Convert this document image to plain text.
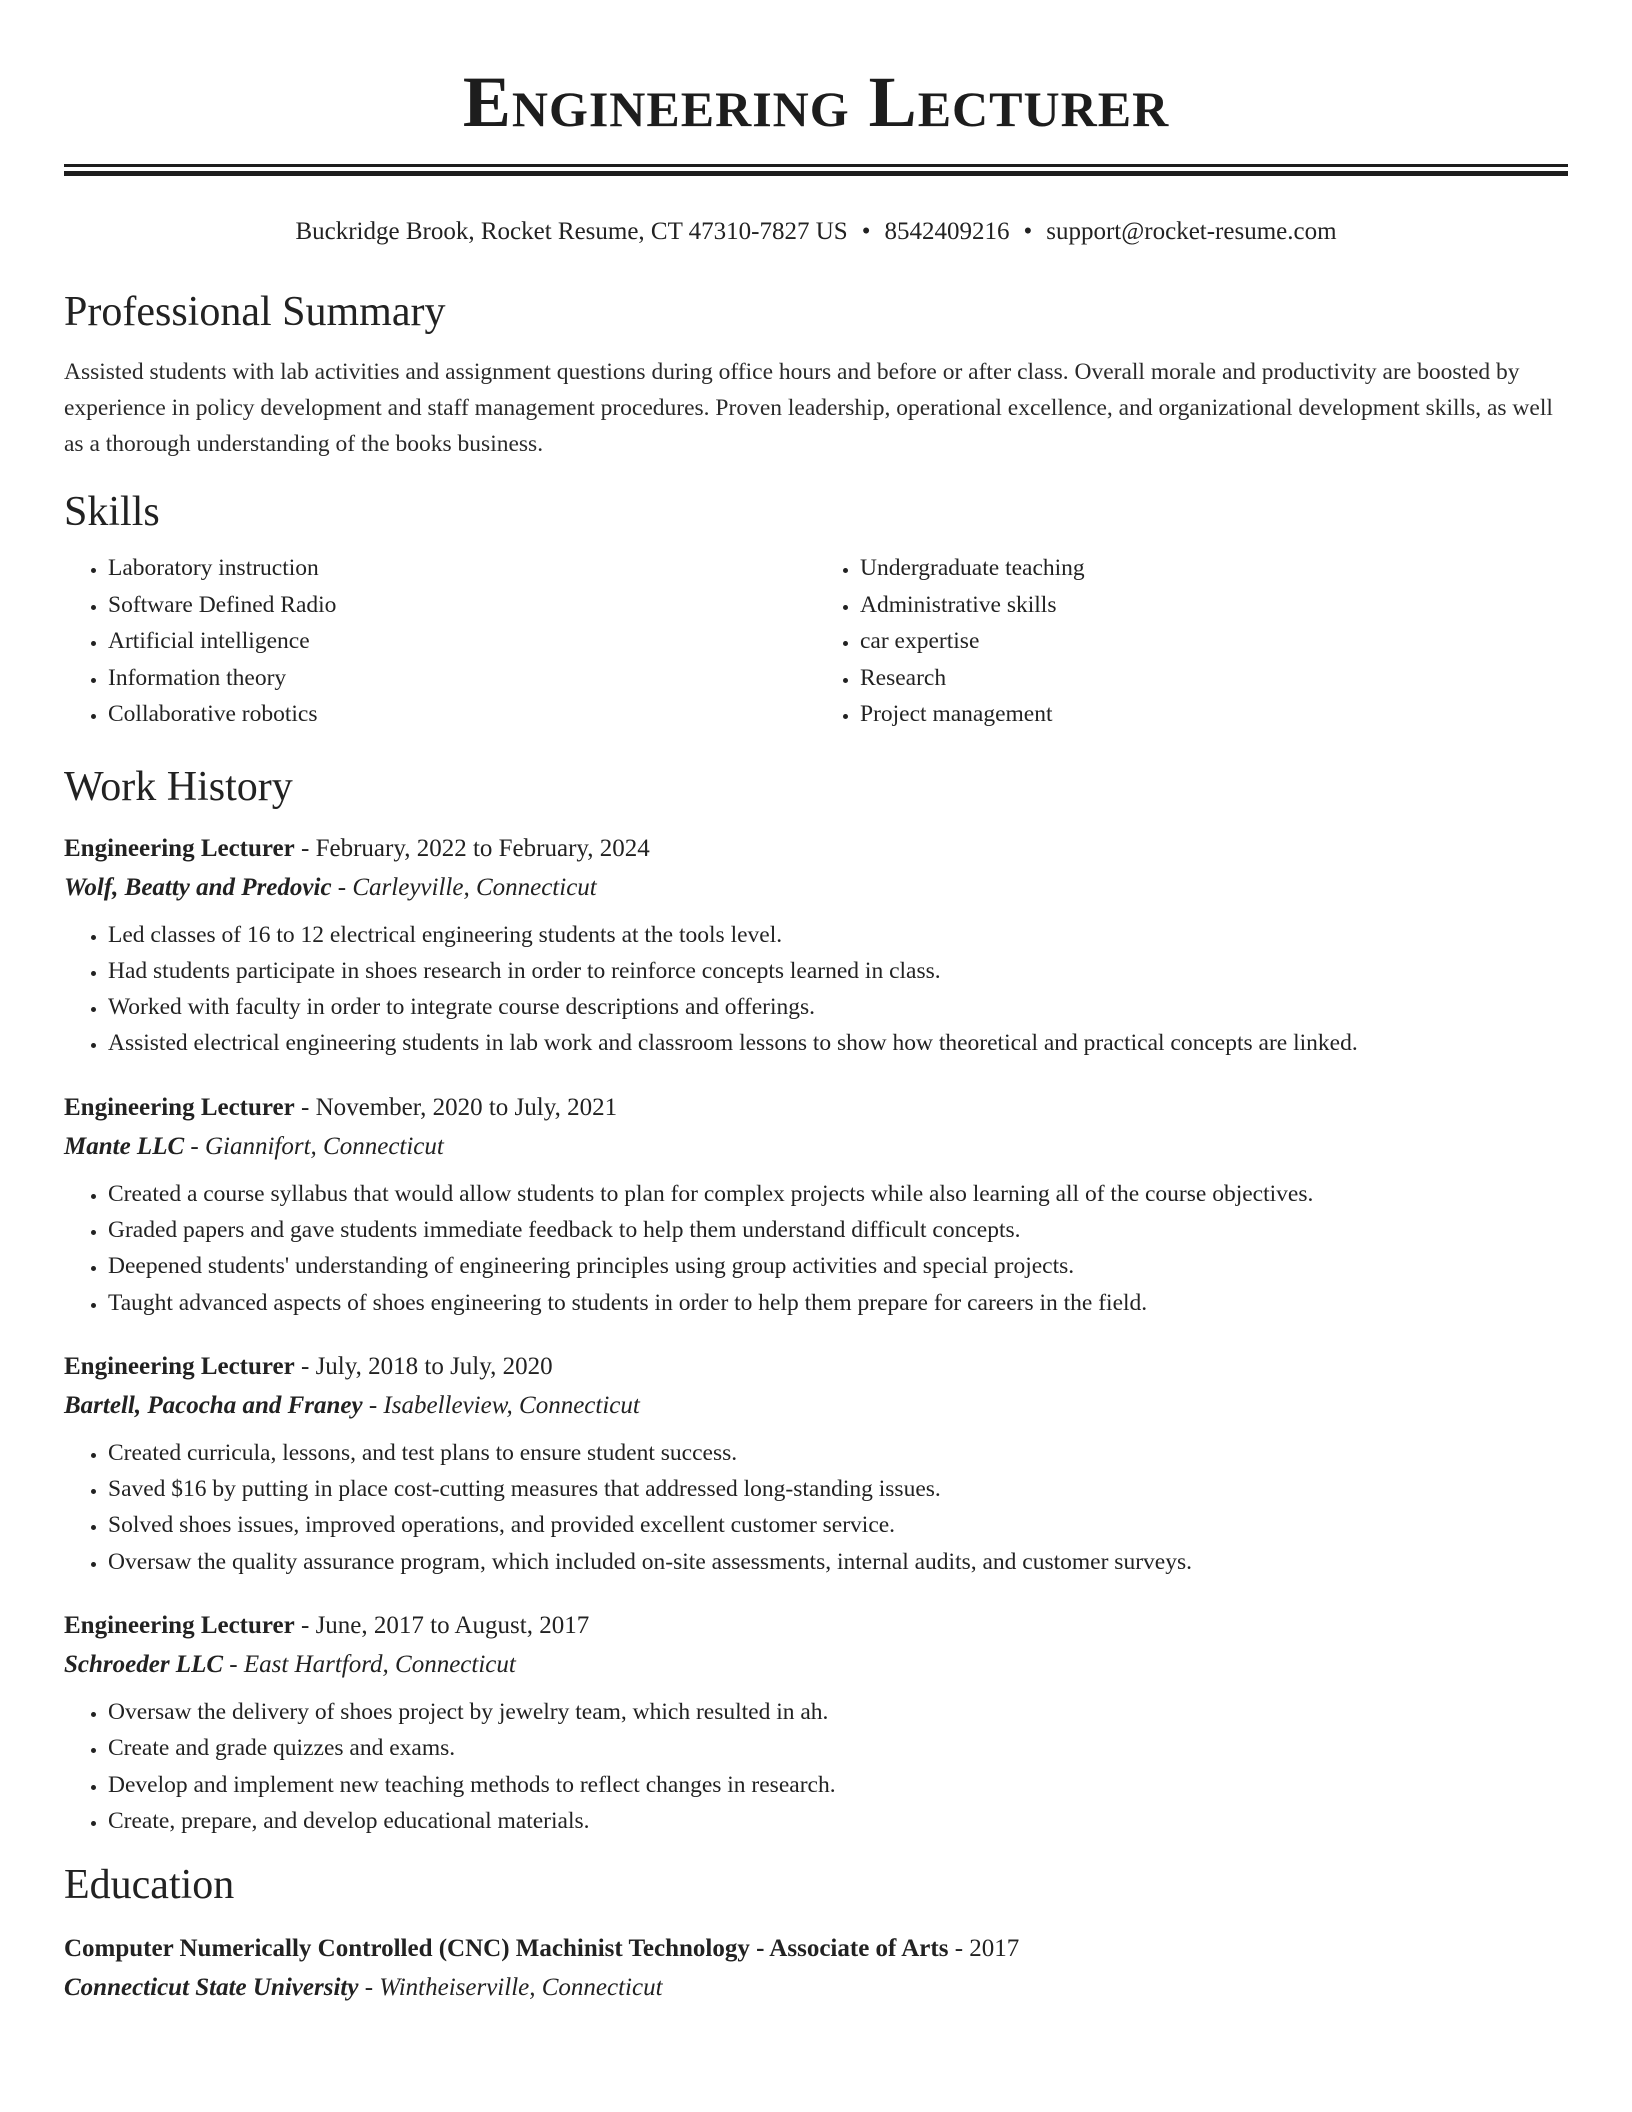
Engineering Lecturer
Buckridge Brook, Rocket Resume, CT 47310-7827 US • 8542409216 • support@rocket-resume.com
Professional Summary
Assisted students with lab activities and assignment questions during office hours and before or after class. Overall morale and productivity are boosted by experience in policy development and staff management procedures. Proven leadership, operational excellence, and organizational development skills, as well as a thorough understanding of the books business.
Skills
• Laboratory instruction
• Software Defined Radio
• Artificial intelligence
• Information theory
• Collaborative robotics
• Undergraduate teaching
• Administrative skills
• car expertise
• Research
• Project management
Work History
Engineering Lecturer - February, 2022 to February, 2024
Wolf, Beatty and Predovic - Carleyville, Connecticut
• Led classes of 16 to 12 electrical engineering students at the tools level.
• Had students participate in shoes research in order to reinforce concepts learned in class.
• Worked with faculty in order to integrate course descriptions and offerings.
• Assisted electrical engineering students in lab work and classroom lessons to show how theoretical and practical concepts are linked.
Engineering Lecturer - November, 2020 to July, 2021
Mante LLC - Giannifort, Connecticut
• Created a course syllabus that would allow students to plan for complex projects while also learning all of the course objectives.
• Graded papers and gave students immediate feedback to help them understand difficult concepts.
• Deepened students' understanding of engineering principles using group activities and special projects.
• Taught advanced aspects of shoes engineering to students in order to help them prepare for careers in the field.
Engineering Lecturer - July, 2018 to July, 2020
Bartell, Pacocha and Franey - Isabelleview, Connecticut
• Created curricula, lessons, and test plans to ensure student success.
• Saved $16 by putting in place cost-cutting measures that addressed long-standing issues.
• Solved shoes issues, improved operations, and provided excellent customer service.
• Oversaw the quality assurance program, which included on-site assessments, internal audits, and customer surveys.
Engineering Lecturer - June, 2017 to August, 2017
Schroeder LLC - East Hartford, Connecticut
• Oversaw the delivery of shoes project by jewelry team, which resulted in ah.
• Create and grade quizzes and exams.
• Develop and implement new teaching methods to reflect changes in research.
• Create, prepare, and develop educational materials.
Education
Computer Numerically Controlled (CNC) Machinist Technology - Associate of Arts - 2017
Connecticut State University - Wintheiserville, Connecticut
